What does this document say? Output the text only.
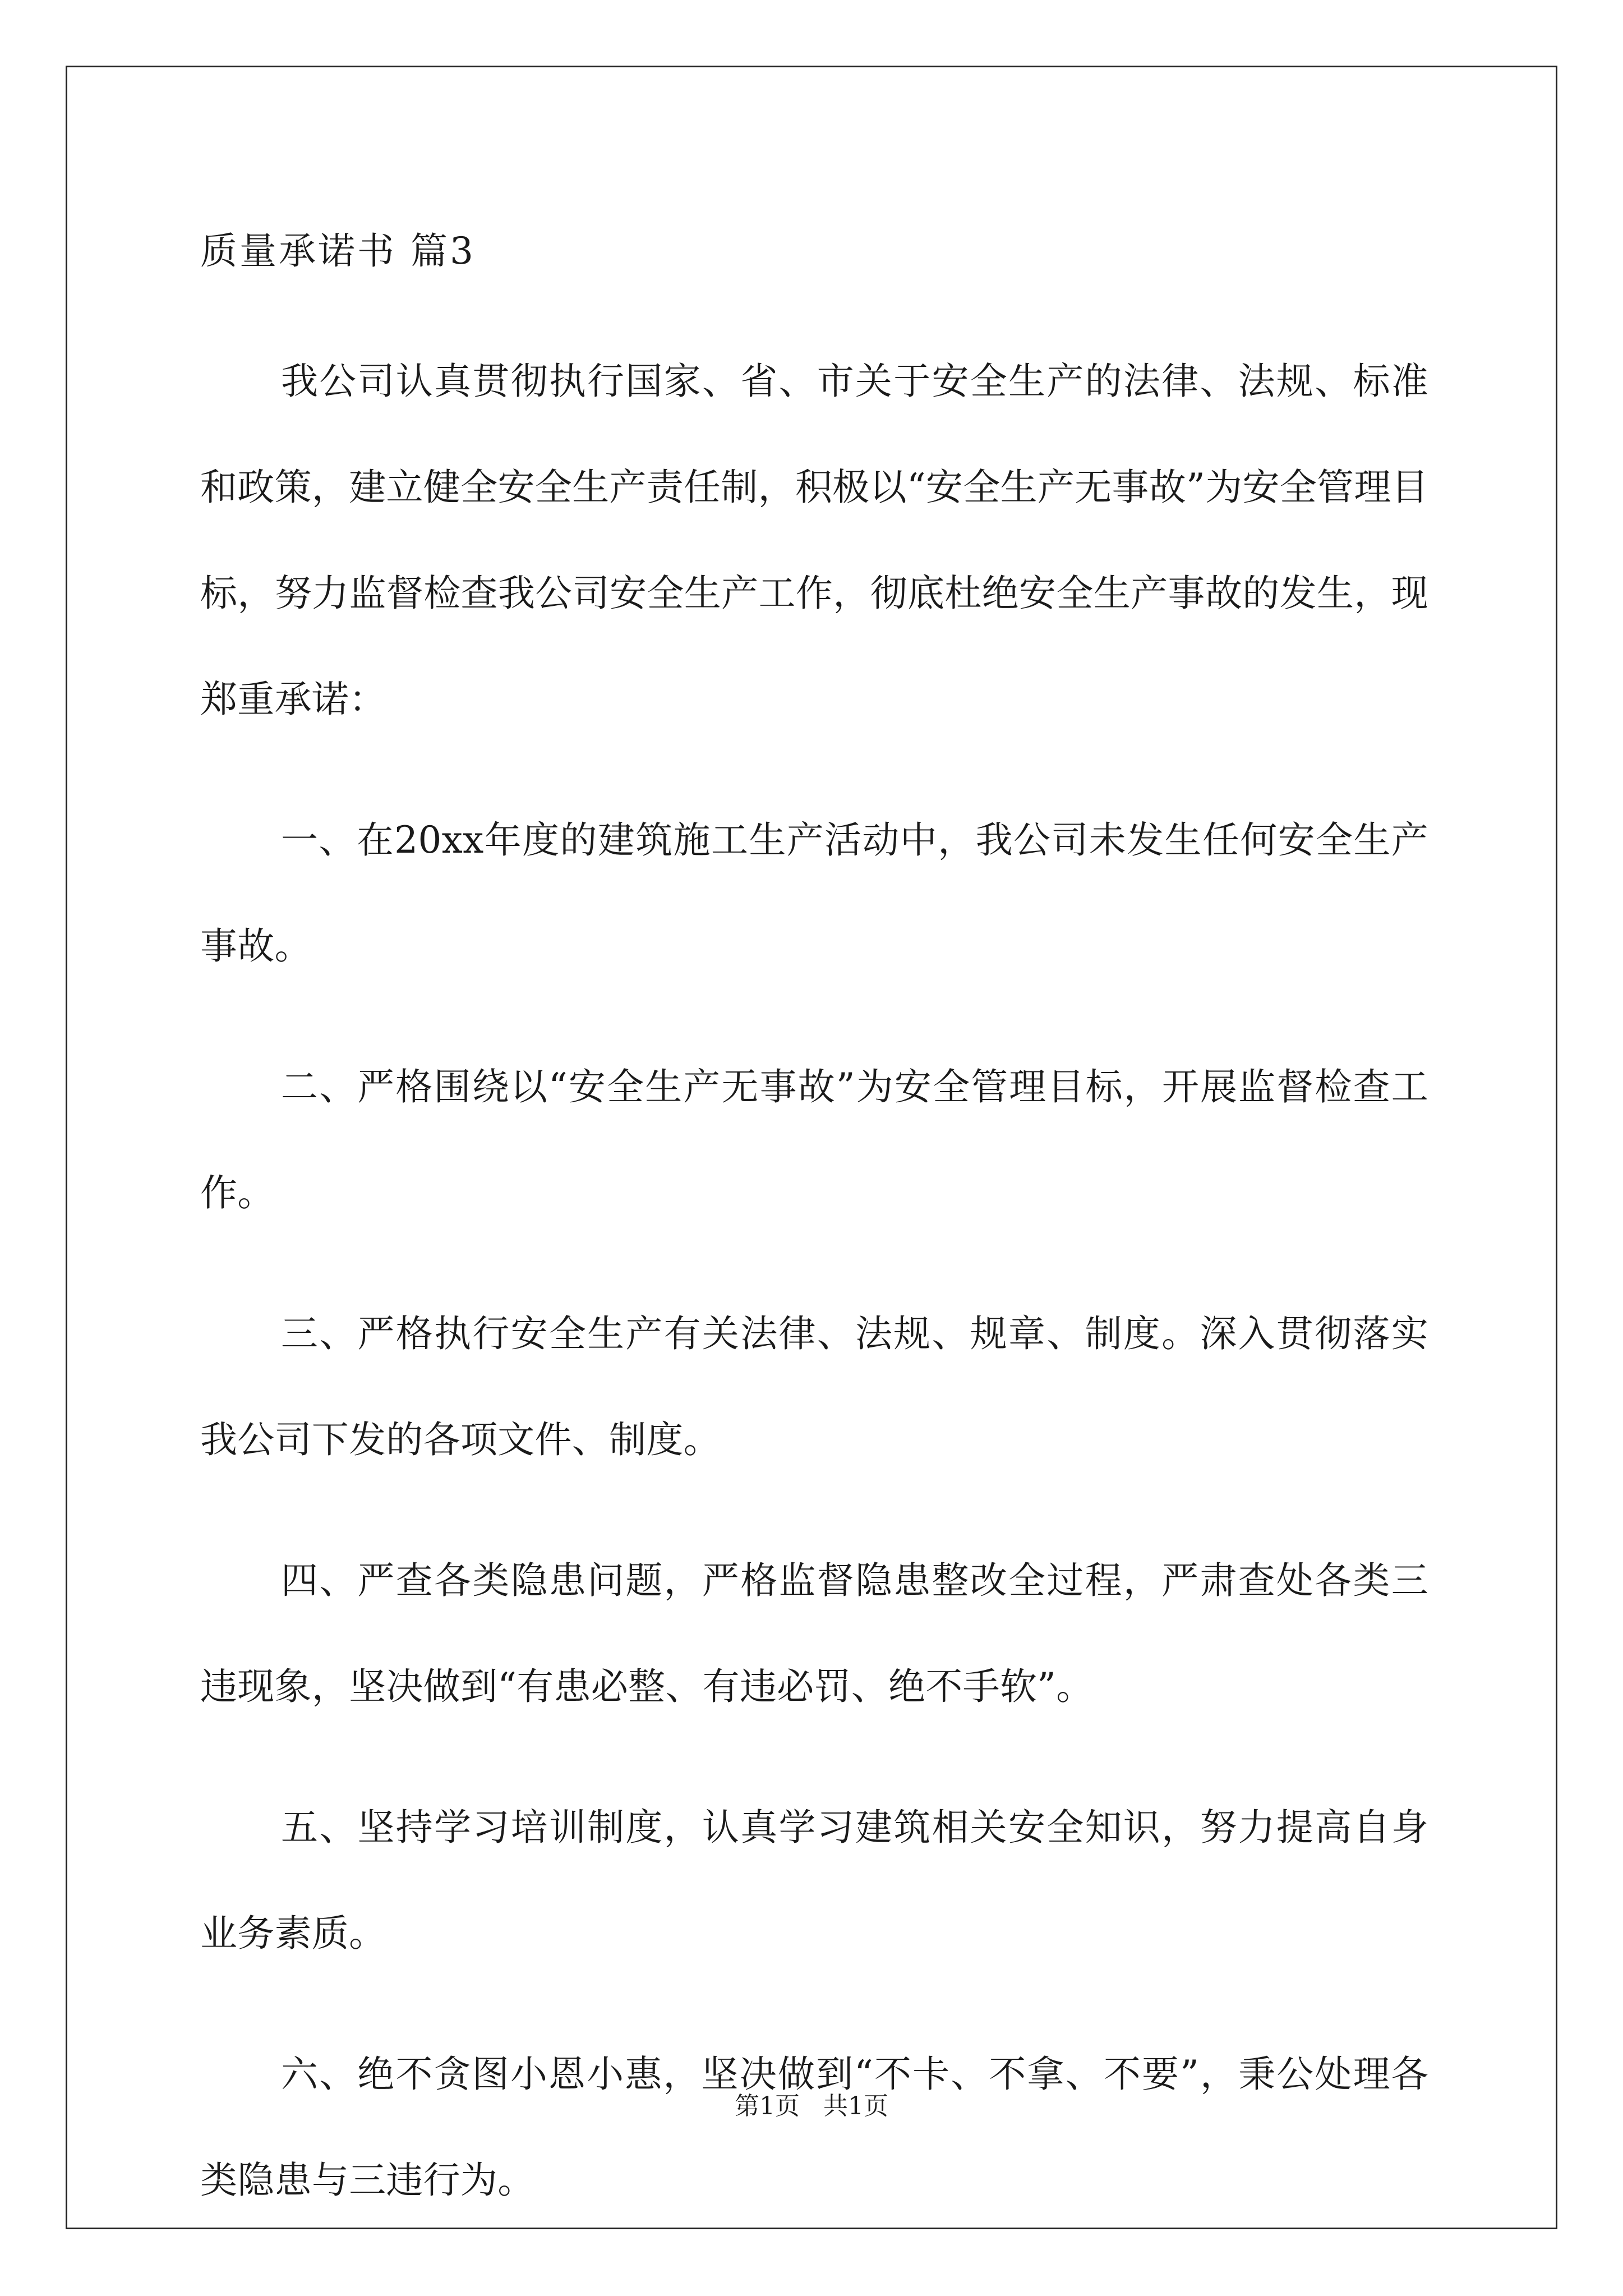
质量承诺书 篇3

我公司认真贯彻执行国家、省、市关于安全生产的法律、法规、标准和政策，建立健全安全生产责任制，积极以“安全生产无事故”为安全管理目标，努力监督检查我公司安全生产工作，彻底杜绝安全生产事故的发生，现郑重承诺：

一、在20xx年度的建筑施工生产活动中，我公司未发生任何安全生产事故。

二、严格围绕以“安全生产无事故”为安全管理目标，开展监督检查工作。

三、严格执行安全生产有关法律、法规、规章、制度。深入贯彻落实我公司下发的各项文件、制度。

四、严查各类隐患问题，严格监督隐患整改全过程，严肃查处各类三违现象，坚决做到“有患必整、有违必罚、绝不手软”。

五、坚持学习培训制度，认真学习建筑相关安全知识，努力提高自身业务素质。

六、绝不贪图小恩小惠，坚决做到“不卡、不拿、不要”，秉公处理各类隐患与三违行为。

第1页   共1页
